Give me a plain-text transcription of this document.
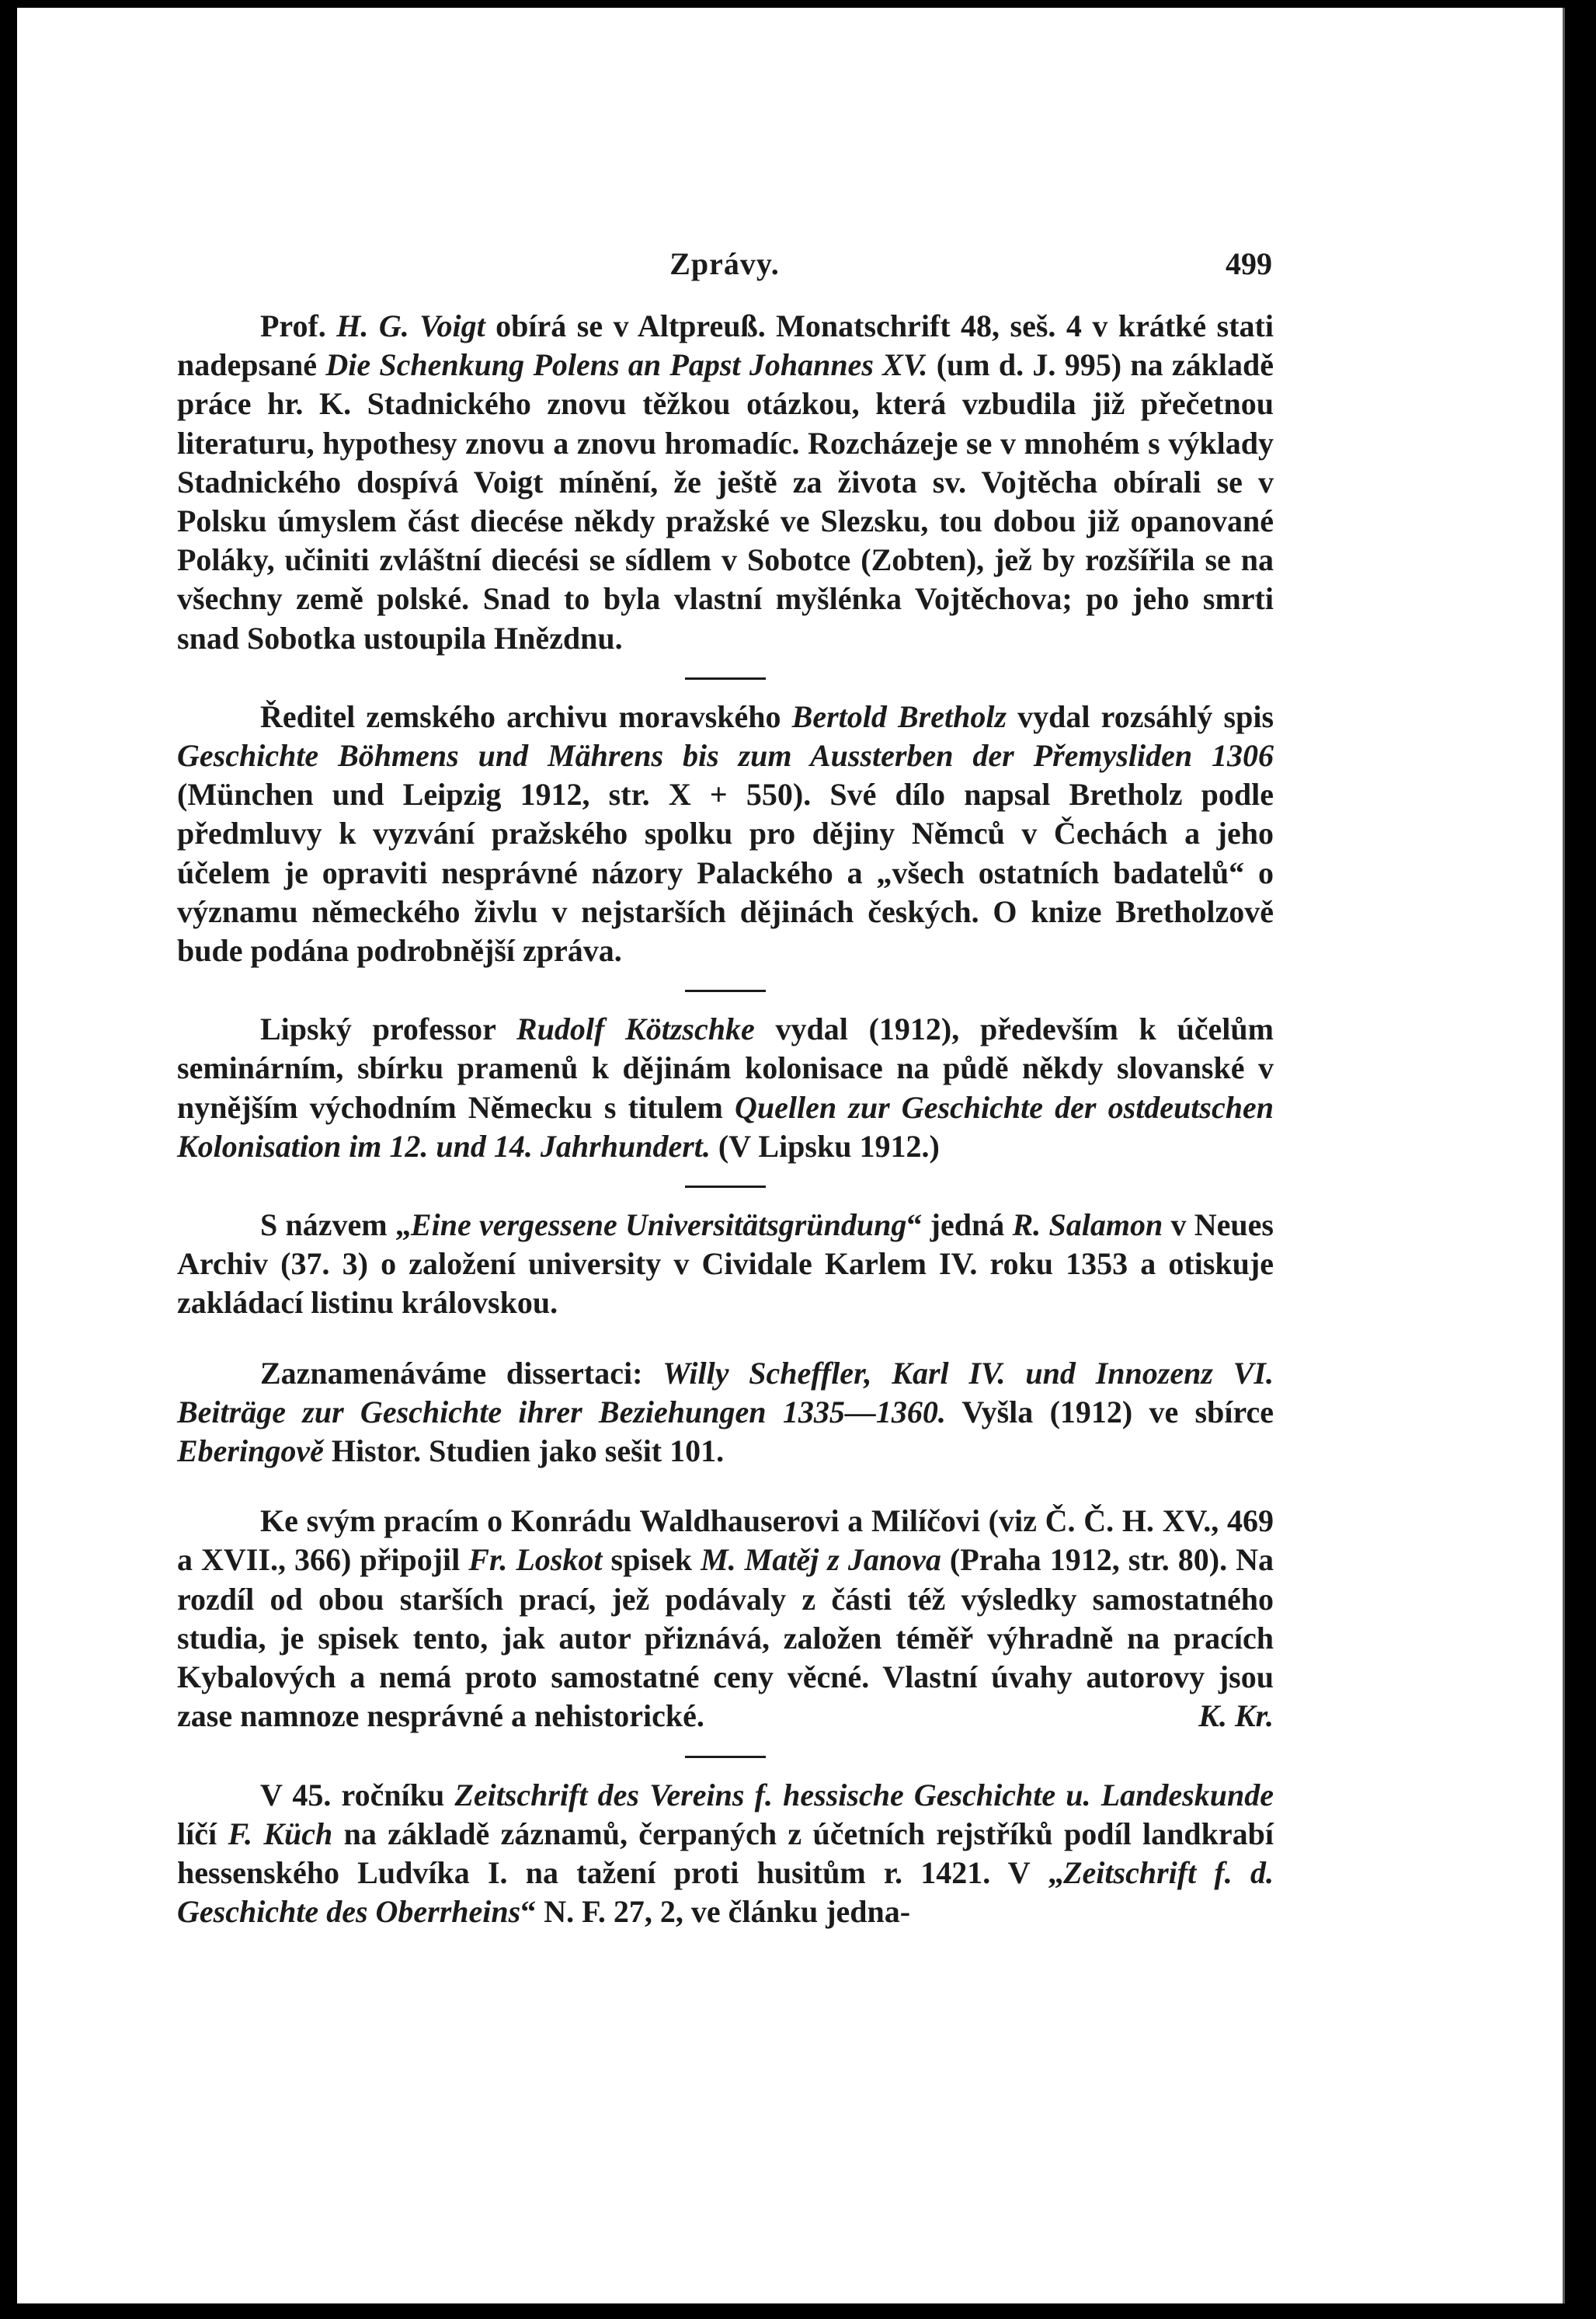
Zprávy.	499

Prof. H. G. Voigt obírá se v Altpreuß. Monatschrift 48, seš. 4 v krátké stati nadepsané Die Schenkung Polens an Papst Johannes XV. (um d. J. 995) na základě práce hr. K. Stadnického znovu těžkou otázkou, která vzbudila již přečetnou literaturu, hypothesy znovu a znovu hromadíc. Rozcházeje se v mnohém s výklady Stadnického dospívá Voigt mínění, že ještě za života sv. Vojtěcha obírali se v Polsku úmyslem část diecése někdy pražské ve Slezsku, tou dobou již opanované Poláky, učiniti zvláštní diecési se sídlem v Sobotce (Zobten), jež by rozšířila se na všechny země polské. Snad to byla vlastní myšlénka Vojtěchova; po jeho smrti snad Sobotka ustoupila Hnězdnu.

Ředitel zemského archivu moravského Bertold Bretholz vydal rozsáhlý spis Geschichte Böhmens und Mährens bis zum Aussterben der Přemysliden 1306 (München und Leipzig 1912, str. X + 550). Své dílo napsal Bretholz podle předmluvy k vyzvání pražského spolku pro dějiny Němců v Čechách a jeho účelem je opraviti nesprávné názory Palackého a „všech ostatních badatelů“ o významu německého živlu v nejstarších dějinách českých. O knize Bretholzově bude podána podrobnější zpráva.

Lipský professor Rudolf Kötzschke vydal (1912), především k účelům seminárním, sbírku pramenů k dějinám kolonisace na půdě někdy slovanské v nynějším východním Německu s titulem Quellen zur Geschichte der ostdeutschen Kolonisation im 12. und 14. Jahrhundert. (V Lipsku 1912.)

S názvem „Eine vergessene Universitätsgründung“ jedná R. Salamon v Neues Archiv (37. 3) o založení university v Cividale Karlem IV. roku 1353 a otiskuje zakládací listinu královskou.

Zaznamenáváme dissertaci: Willy Scheffler, Karl IV. und Innozenz VI. Beiträge zur Geschichte ihrer Beziehungen 1335—1360. Vyšla (1912) ve sbírce Eberingově Histor. Studien jako sešit 101.

Ke svým pracím o Konrádu Waldhauserovi a Milíčovi (viz Č. Č. H. XV., 469 a XVII., 366) připojil Fr. Loskot spisek M. Matěj z Janova (Praha 1912, str. 80). Na rozdíl od obou starších prací, jež podávaly z části též výsledky samostatného studia, je spisek tento, jak autor přiznává, založen téměř výhradně na pracích Kybalových a nemá proto samostatné ceny věcné. Vlastní úvahy autorovy jsou zase namnoze nesprávné a nehistorické.	K. Kr.

V 45. ročníku Zeitschrift des Vereins f. hessische Geschichte u. Landeskunde líčí F. Küch na základě záznamů, čerpaných z účetních rejstříků podíl landkrabí hessenského Ludvíka I. na tažení proti husitům r. 1421. V „Zeitschrift f. d. Geschichte des Oberrheins“ N. F. 27, 2, ve článku jedna-
